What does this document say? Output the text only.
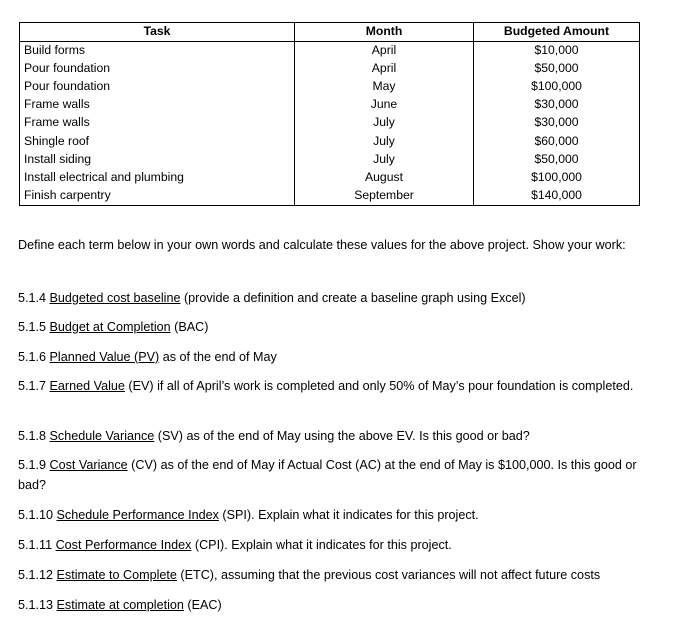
Task	Month	Budgeted Amount
Build forms	April	$10,000
Pour foundation	April	$50,000
Pour foundation	May	$100,000
Frame walls	June	$30,000
Frame walls	July	$30,000
Shingle roof	July	$60,000
Install siding	July	$50,000
Install electrical and plumbing	August	$100,000
Finish carpentry	September	$140,000
Define each term below in your own words and calculate these values for the above project. Show your work:
5.1.4 Budgeted cost baseline (provide a definition and create a baseline graph using Excel)
5.1.5 Budget at Completion (BAC)
5.1.6 Planned Value (PV) as of the end of May
5.1.7 Earned Value (EV) if all of April’s work is completed and only 50% of May’s pour foundation is completed.
5.1.8 Schedule Variance (SV) as of the end of May using the above EV. Is this good or bad?
5.1.9 Cost Variance (CV) as of the end of May if Actual Cost (AC) at the end of May is $100,000. Is this good or bad?
5.1.10 Schedule Performance Index (SPI). Explain what it indicates for this project.
5.1.11 Cost Performance Index (CPI). Explain what it indicates for this project.
5.1.12 Estimate to Complete (ETC), assuming that the previous cost variances will not affect future costs
5.1.13 Estimate at completion (EAC)
